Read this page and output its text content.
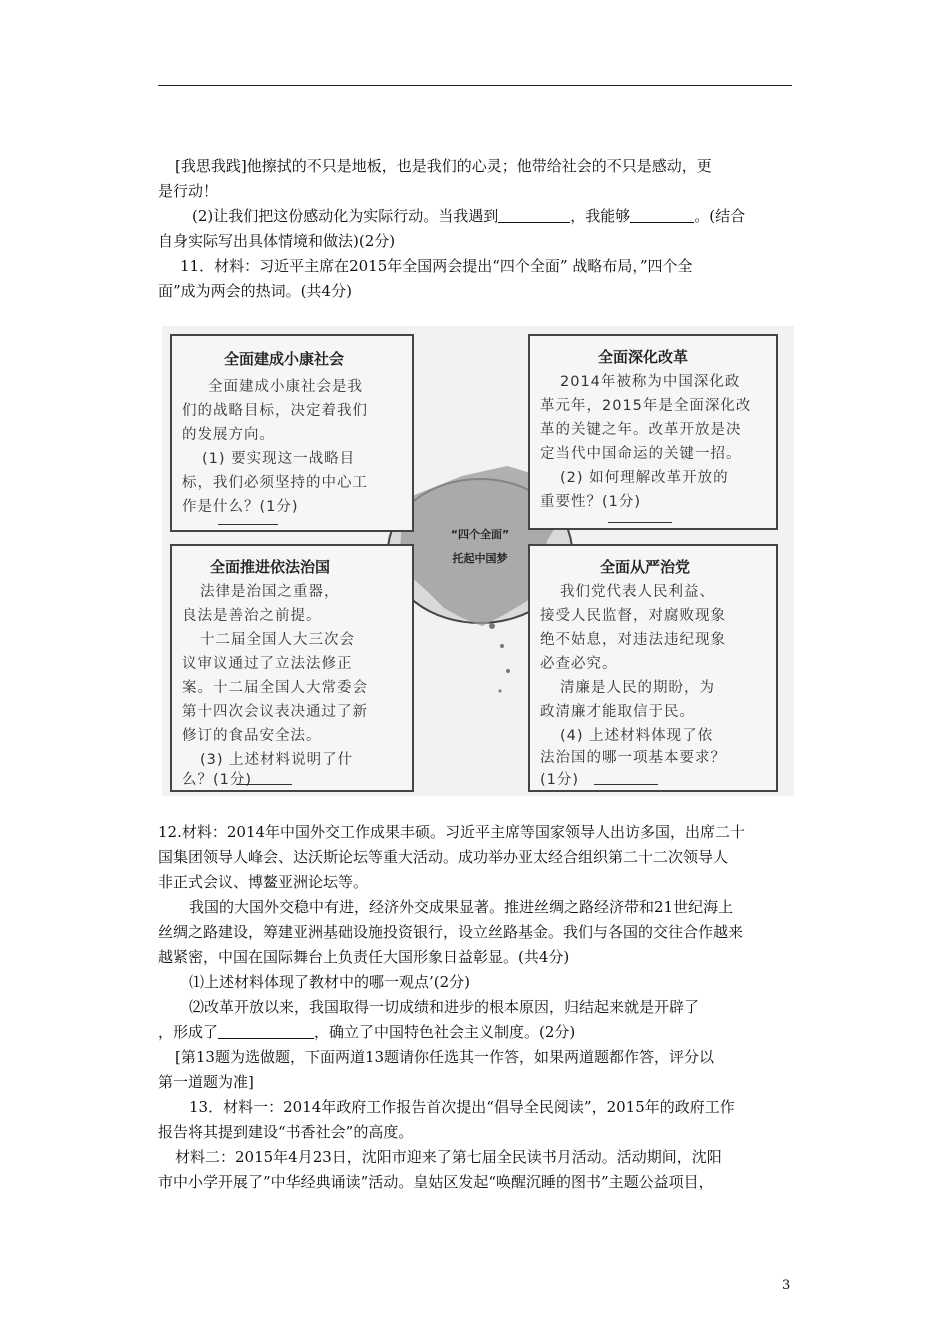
[我思我践]他擦拭的不只是地板，也是我们的心灵；他带给社会的不只是感动，更
是行动！
(2)让我们把这份感动化为实际行动。当我遇到	，我能够	。(结合
自身实际写出具体情境和做法)(2分)
11．材料：习近平主席在2015年全国两会提出“四个全面” 战略布局，”四个全
面”成为两会的热词。(共4分)
“四个全面”
托起中国梦
全面建成小康社会
全面建成小康社会是我
们的战略目标，决定着我们
的发展方向。
(1) 要实现这一战略目
标，我们必须坚持的中心工
作是什么？(1分)
全面深化改革
2014年被称为中国深化政
革元年，2015年是全面深化改
革的关键之年。改革开放是决
定当代中国命运的关键一招。
(2) 如何理解改革开放的
重要性？(1分)
全面推进依法治国
法律是治国之重器，
良法是善治之前提。
十二届全国人大三次会
议审议通过了立法法修正
案。十二届全国人大常委会
第十四次会议表决通过了新
修订的食品安全法。
(3) 上述材料说明了什
么？(1分)
全面从严治党
我们党代表人民利益、
接受人民监督，对腐败现象
绝不姑息，对违法违纪现象
必查必究。
清廉是人民的期盼，为
政清廉才能取信于民。
(4) 上述材料体现了依
法治国的哪一项基本要求？
(1分)
12.材料：2014年中国外交工作成果丰硕。习近平主席等国家领导人出访多国，出席二十
国集团领导人峰会、达沃斯论坛等重大活动。成功举办亚太经合组织第二十二次领导人
非正式会议、博鳌亚洲论坛等。
我国的大国外交稳中有进，经济外交成果显著。推进丝绸之路经济带和21世纪海上
丝绸之路建设，筹建亚洲基础设施投资银行，设立丝路基金。我们与各国的交往合作越来
越紧密，中国在国际舞台上负责任大国形象日益彰显。(共4分)
⑴上述材料体现了教材中的哪一观点’(2分)
⑵改革开放以来，我国取得一切成绩和进步的根本原因，归结起来就是开辟了
，形成了	，确立了中国特色社会主义制度。(2分)
[第13题为选做题，下面两道13题请你任选其一作答，如果两道题都作答，评分以
第一道题为准]
13．材料一：2014年政府工作报告首次提出“倡导全民阅读”，2015年的政府工作
报告将其提到建设“书香社会”的高度。
材料二：2015年4月23日，沈阳市迎来了第七届全民读书月活动。活动期间，沈阳
市中小学开展了”中华经典诵读”活动。皇姑区发起“唤醒沉睡的图书”主题公益项目，
3
